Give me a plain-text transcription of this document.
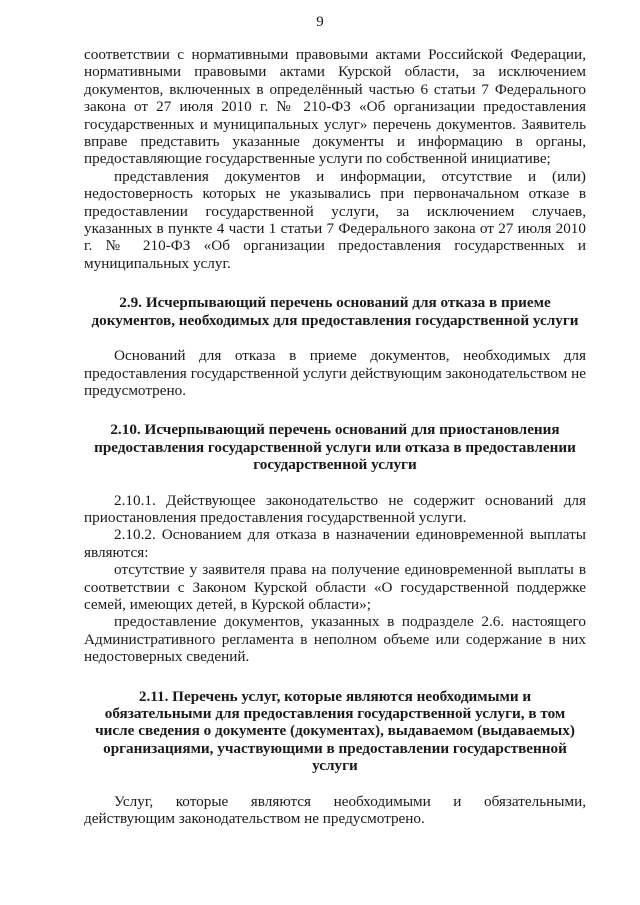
9

соответствии с нормативными правовыми актами Российской Федерации, нормативными правовыми актами Курской области, за исключением документов, включенных в определённый частью 6 статьи 7 Федерального закона от 27 июля 2010 г. № 210-ФЗ «Об организации предоставления государственных и муниципальных услуг» перечень документов. Заявитель вправе представить указанные документы и информацию в органы, предоставляющие государственные услуги по собственной инициативе;

представления документов и информации, отсутствие и (или) недостоверность которых не указывались при первоначальном отказе в предоставлении государственной услуги, за исключением случаев, указанных в пункте 4 части 1 статьи 7 Федерального закона от 27 июля 2010 г. № 210-ФЗ «Об организации предоставления государственных и муниципальных услуг.

2.9. Исчерпывающий перечень оснований для отказа в приеме документов, необходимых для предоставления государственной услуги

Оснований для отказа в приеме документов, необходимых для предоставления государственной услуги действующим законодательством не предусмотрено.

2.10. Исчерпывающий перечень оснований для приостановления предоставления государственной услуги или отказа в предоставлении государственной услуги

2.10.1. Действующее законодательство не содержит оснований для приостановления предоставления государственной услуги.

2.10.2. Основанием для отказа в назначении единовременной выплаты являются:

отсутствие у заявителя права на получение единовременной выплаты в соответствии с Законом Курской области «О государственной поддержке семей, имеющих детей, в Курской области»;

предоставление документов, указанных в подразделе 2.6. настоящего Административного регламента в неполном объеме или содержание в них недостоверных сведений.

2.11. Перечень услуг, которые являются необходимыми и обязательными для предоставления государственной услуги, в том числе сведения о документе (документах), выдаваемом (выдаваемых) организациями, участвующими в предоставлении государственной услуги

Услуг, которые являются необходимыми и обязательными, действующим законодательством не предусмотрено.
